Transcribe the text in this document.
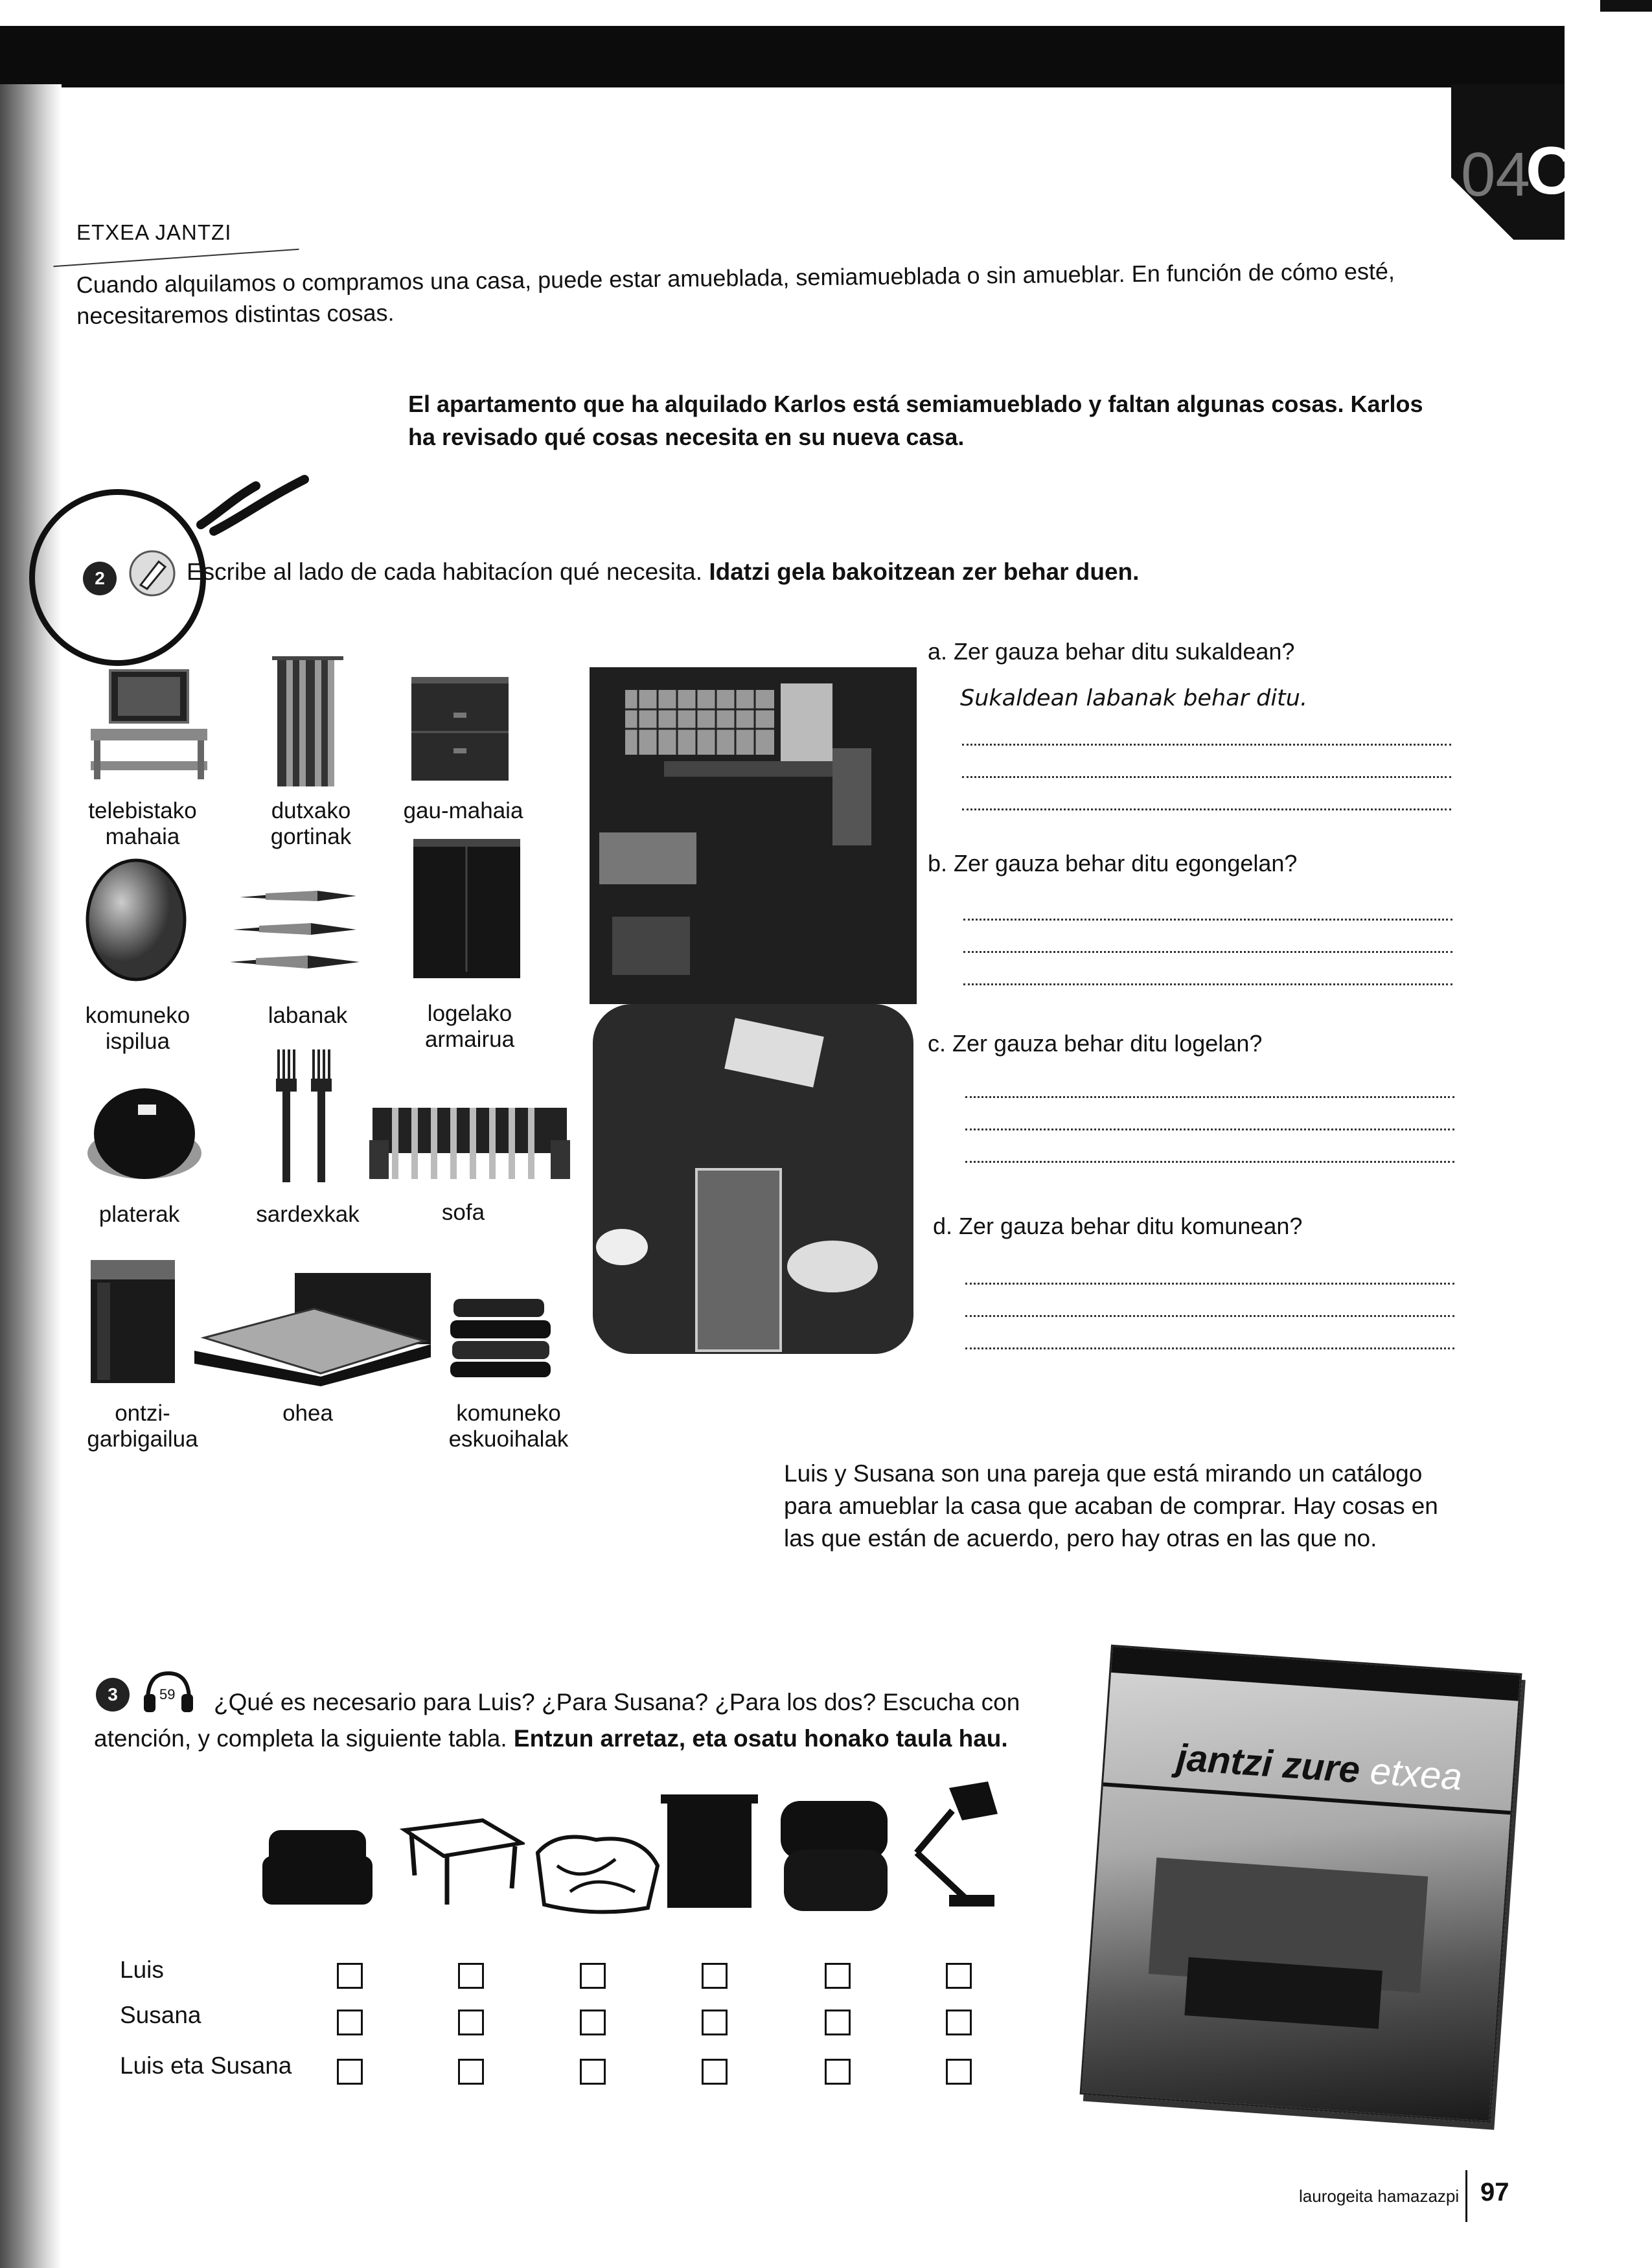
04
C
ETXEA JANTZI
Cuando alquilamos o compramos una casa, puede estar amueblada, semiamueblada o sin amueblar. En función de cómo esté, necesitaremos distintas cosas.
El apartamento que ha alquilado Karlos está semiamueblado y faltan algunas cosas. Karlos ha revisado qué cosas necesita en su nueva casa.
2	Escribe al lado de cada habitacíon qué necesita. Idatzi gela bakoitzean zer behar duen.
telebistako mahaia
dutxako gortinak
gau-mahaia
komuneko ispilua
labanak	logelako armairua
platerak	sardexkak	sofa
ontzi-garbigailua
ohea	komuneko eskuoihalak
a. Zer gauza behar ditu sukaldean?
Sukaldean labanak behar ditu.
b. Zer gauza behar ditu egongelan?
c. Zer gauza behar ditu logelan?
d. Zer gauza behar ditu komunean?
Luis y Susana son una pareja que está mirando un catálogo para amueblar la casa que acaban de comprar. Hay cosas en las que están de acuerdo, pero hay otras en las que no.
3	59	¿Qué es necesario para Luis? ¿Para Susana? ¿Para los dos? Escucha con atención, y completa la siguiente tabla. Entzun arretaz, eta osatu honako taula hau.
Luis
Susana
Luis eta Susana
jantzi zure etxea
laurogeita hamazazpi 97
